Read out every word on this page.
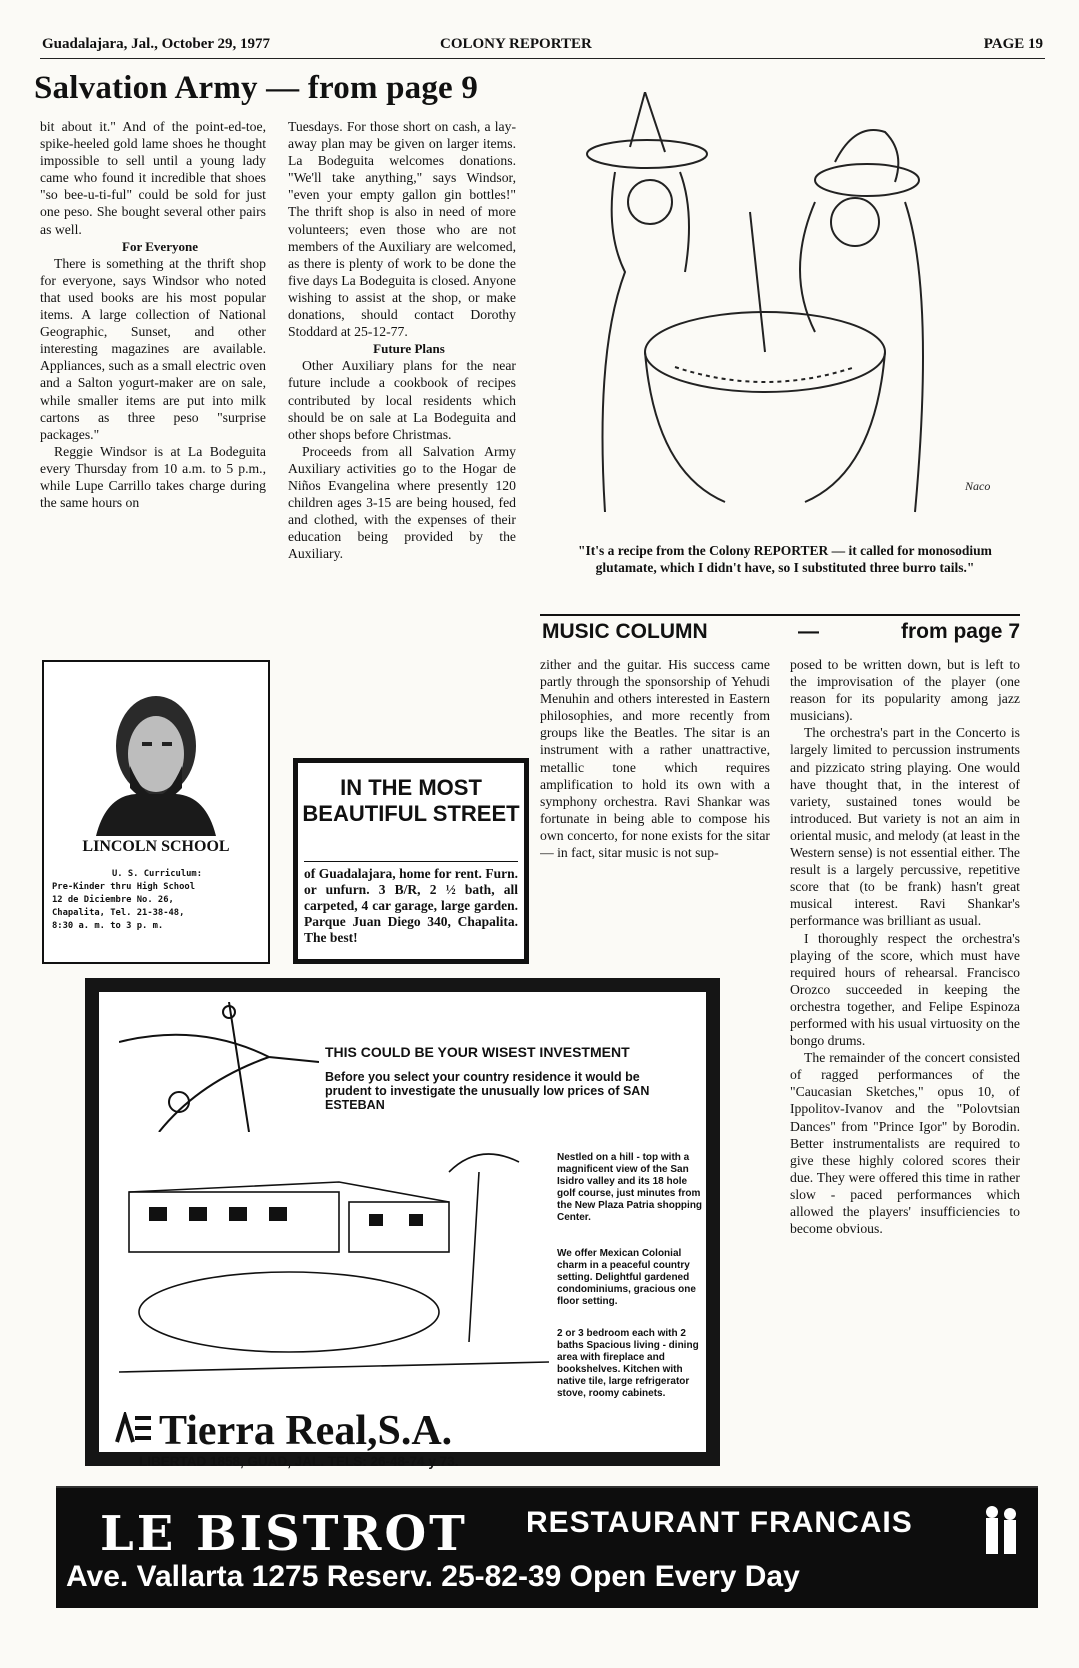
Guadalajara, Jal., October 29, 1977	COLONY REPORTER	PAGE 19
Salvation Army — from page 9

bit about it." And of the point-ed-toe, spike-heeled gold lame shoes he thought impossible to sell until a young lady came who found it incredible that shoes "so bee-u-ti-ful" could be sold for just one peso. She bought several other pairs as well.

For Everyone

There is something at the thrift shop for everyone, says Windsor who noted that used books are his most popular items. A large collection of National Geographic, Sunset, and other interesting magazines are available. Appliances, such as a small electric oven and a Salton yogurt-maker are on sale, while smaller items are put into milk cartons as three peso "surprise packages."

Reggie Windsor is at La Bodeguita every Thursday from 10 a.m. to 5 p.m., while Lupe Carrillo takes charge during the same hours on

Tuesdays. For those short on cash, a lay-away plan may be given on larger items. La Bodeguita welcomes donations. "We'll take anything," says Windsor, "even your empty gallon gin bottles!" The thrift shop is also in need of more volunteers; even those who are not members of the Auxiliary are welcomed, as there is plenty of work to be done the five days La Bodeguita is closed. Anyone wishing to assist at the shop, or make donations, should contact Dorothy Stoddard at 25-12-77.

Future Plans

Other Auxiliary plans for the near future include a cookbook of recipes contributed by local residents which should be on sale at La Bodeguita and other shops before Christmas.

Proceeds from all Salvation Army Auxiliary activities go to the Hogar de Niños Evangelina where presently 120 children ages 3-15 are being housed, fed and clothed, with the expenses of their education being provided by the Auxiliary.

LINCOLN SCHOOL
U. S. Curriculum:
Pre-Kinder thru High School
12 de Diciembre No. 26,
Chapalita, Tel. 21-38-48,
8:30 a. m. to 3 p. m.
IN THE MOST BEAUTIFUL STREET
of Guadalajara, home for rent. Furn. or unfurn. 3 B/R, 2 ½ bath, all carpeted, 4 car garage, large garden. Parque Juan Diego 340, Chapalita. The best!
Naco
"It's a recipe from the Colony REPORTER — it called for monosodium glutamate, which I didn't have, so I substituted three burro tails."
MUSIC COLUMN	—	from page 7

zither and the guitar. His success came partly through the sponsorship of Yehudi Menuhin and others interested in Eastern philosophies, and more recently from groups like the Beatles. The sitar is an instrument with a rather unattractive, metallic tone which requires amplification to hold its own with a symphony orchestra. Ravi Shankar was fortunate in being able to compose his own concerto, for none exists for the sitar— in fact, sitar music is not sup-

posed to be written down, but is left to the improvisation of the player (one reason for its popularity among jazz musicians).

The orchestra's part in the Concerto is largely limited to percussion instruments and pizzicato string playing. One would have thought that, in the interest of variety, sustained tones would be introduced. But variety is not an aim in oriental music, and melody (at least in the Western sense) is not essential either. The result is a largely percussive, repetitive score that (to be frank) hasn't great musical interest. Ravi Shankar's performance was brilliant as usual.

I thoroughly respect the orchestra's playing of the score, which must have required hours of rehearsal. Francisco Orozco succeeded in keeping the orchestra together, and Felipe Espinoza performed with his usual virtuosity on the bongo drums.

The remainder of the concert consisted of ragged performances of the "Caucasian Sketches," opus 10, of Ippolitov-Ivanov and the "Polovtsian Dances" from "Prince Igor" by Borodin. Better instrumentalists are required to give these highly colored scores their due. They were offered this time in rather slow - paced performances which allowed the players' insufficiencies to become obvious.

THIS COULD BE YOUR WISEST INVESTMENT
Before you select your country residence it would be prudent to investigate the unusually low prices of SAN ESTEBAN
Nestled on a hill - top with a magnificent view of the San Isidro valley and its 18 hole golf course, just minutes from the New Plaza Patria shopping Center.
We offer Mexican Colonial charm in a peaceful country setting. Delightful gardened condominiums, gracious one floor setting.
2 or 3 bedroom each with 2 baths Spacious living - dining area with fireplace and bookshelves. Kitchen with native tile, large refrigerator stove, roomy cabinets.
Tierra Real,S.A.
LIBERTAD 1858, GUAD, JAL. TELS: 26-48-74 y 73.
LE BISTROT RESTAURANT FRANCAIS
Ave. Vallarta 1275 Reserv. 25-82-39 Open Every Day
